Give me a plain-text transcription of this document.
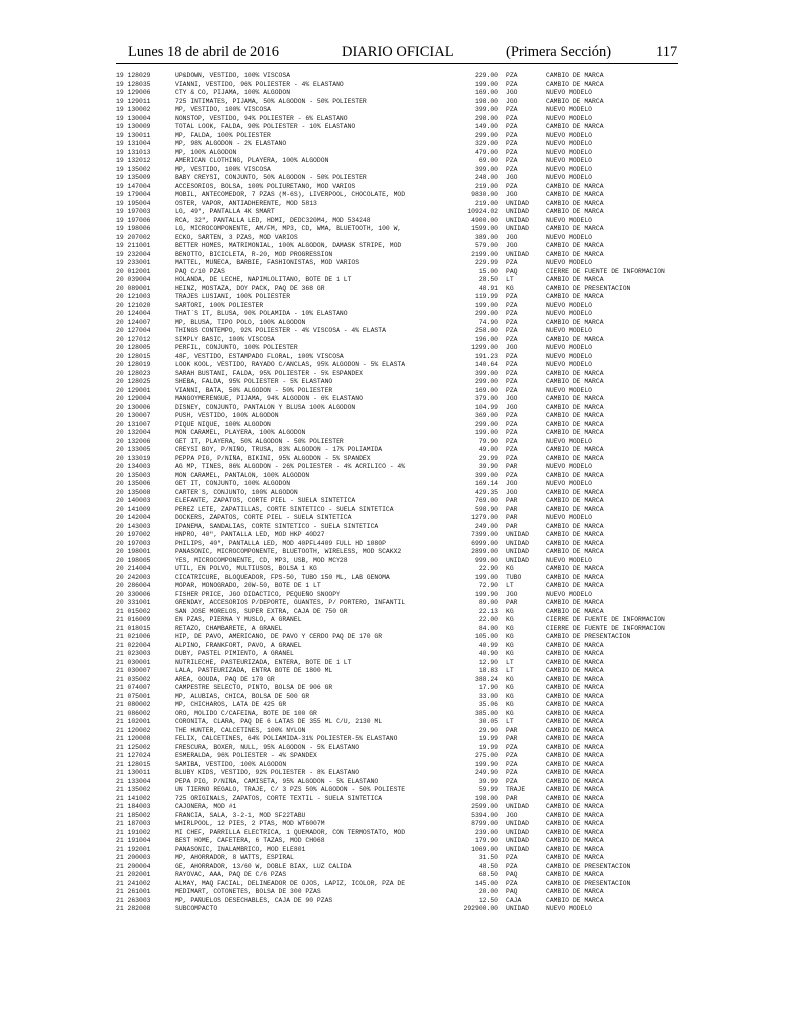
Lunes 18 de abril de 2016	DIARIO OFICIAL	(Primera Sección)	117
19 128029	UP&DOWN, VESTIDO, 100% VISCOSA	229.00 PZA	CAMBIO DE MARCA
19 128035	VIANNI, VESTIDO, 96% POLIESTER - 4% ELASTANO	199.00 PZA	CAMBIO DE MARCA
19 129006	CTY & CO, PIJAMA, 100% ALGODON	169.00 JGO	NUEVO MODELO
19 129011	725 INTIMATES, PIJAMA, 50% ALGODON - 50% POLIESTER	198.00 JGO	CAMBIO DE MARCA
19 130002	MP, VESTIDO, 100% VISCOSA	399.00 PZA	NUEVO MODELO
19 130004	NONSTOP, VESTIDO, 94% POLIESTER - 6% ELASTANO	298.00 PZA	NUEVO MODELO
19 130009	TOTAL LOOK, FALDA, 90% POLIESTER - 10% ELASTANO	149.00 PZA	CAMBIO DE MARCA
19 130011	MP, FALDA, 100% POLIESTER	299.00 PZA	NUEVO MODELO
19 131004	MP, 98% ALGODON - 2% ELASTANO	329.00 PZA	NUEVO MODELO
19 131013	MP, 100% ALGODON	479.00 PZA	NUEVO MODELO
19 132012	AMERICAN CLOTHING, PLAYERA, 100% ALGODON	69.00 PZA	NUEVO MODELO
19 135002	MP, VESTIDO, 100% VISCOSA	399.00 PZA	NUEVO MODELO
19 135009	BABY CREYSI, CONJUNTO, 50% ALGODON - 50% POLIESTER	248.00 JGO	NUEVO MODELO
19 147004	ACCESORIOS, BOLSA, 100% POLIURETANO, MOD VARIOS	219.00 PZA	CAMBIO DE MARCA
19 179004	MOBIL, ANTECOMEDOR, 7 PZAS (M-6S), LIVERPOOL, CHOCOLATE, MOD	9830.00 JGO	CAMBIO DE MARCA
19 195004	OSTER, VAPOR, ANTIADHERENTE, MOD 5813	219.00 UNIDAD	CAMBIO DE MARCA
19 197003	LG, 49", PANTALLA 4K SMART	10924.02 UNIDAD	CAMBIO DE MARCA
19 197006	RCA, 32", PANTALLA LED, HDMI, DEDC320M4, MOD 534248	4900.00 UNIDAD	NUEVO MODELO
19 198006	LG, MICROCOMPONENTE, AM/FM, MP3, CD, WMA, BLUETOOTH, 100 W,	1599.00 UNIDAD	CAMBIO DE MARCA
19 207002	ECKO, SARTEN, 3 PZAS, MOD VARIOS	389.00 JGO	NUEVO MODELO
19 211001	BETTER HOMES, MATRIMONIAL, 100% ALGODON, DAMASK STRIPE, MOD	579.00 JGO	CAMBIO DE MARCA
19 232004	BENOTTO, BICICLETA, R-20, MOD PROGRESSION	2199.00 UNIDAD	CAMBIO DE MARCA
19 233001	MATTEL, MUÑECA, BARBIE, FASHIONISTAS, MOD VARIOS	229.99 PZA	NUEVO MODELO
20 012001	PAQ C/10 PZAS	15.00 PAQ	CIERRE DE FUENTE DE INFORMACION
20 039004	HOLANDA, DE LECHE, NAPIMLOLITANO, BOTE DE 1 LT	28.50 LT	CAMBIO DE MARCA
20 089001	HEINZ, MOSTAZA, DOY PACK, PAQ DE 368 GR	48.91 KG	CAMBIO DE PRESENTACION
20 121003	TRAJES LUSIANI, 100% POLIESTER	119.99 PZA	CAMBIO DE MARCA
20 121020	SARTORI, 100% POLIESTER	199.00 PZA	NUEVO MODELO
20 124004	THAT´S IT, BLUSA, 90% POLAMIDA - 10% ELASTANO	299.00 PZA	NUEVO MODELO
20 124007	MP, BLUSA, TIPO POLO, 100% ALGODON	74.90 PZA	CAMBIO DE MARCA
20 127004	THINGS CONTEMPO, 92% POLIESTER - 4% VISCOSA - 4% ELASTA	258.00 PZA	NUEVO MODELO
20 127012	SIMPLY BASIC, 100% VISCOSA	196.00 PZA	CAMBIO DE MARCA
20 128005	PERFIL, CONJUNTO, 100% POLIESTER	1299.00 JGO	NUEVO MODELO
20 128015	48F, VESTIDO, ESTAMPADO FLORAL, 100% VISCOSA	191.23 PZA	NUEVO MODELO
20 128019	LOOK KOOL, VESTIDO, RAYADO C/ANCLAS, 95% ALGODON - 5% ELASTA	140.64 PZA	NUEVO MODELO
20 128023	SARAH BUSTANI, FALDA, 95% POLIESTER - 5% ESPANDEX	399.00 PZA	CAMBIO DE MARCA
20 128025	SHEBA, FALDA, 95% POLIESTER - 5% ELASTANO	299.00 PZA	CAMBIO DE MARCA
20 129001	VIANNI, BATA, 50% ALGODON - 50% POLIESTER	169.00 PZA	NUEVO MODELO
20 129004	MANGOYMERENGUE, PIJAMA, 94% ALGODON - 6% ELASTANO	379.00 JGO	CAMBIO DE MARCA
20 130006	DISNEY, CONJUNTO, PANTALON Y BLUSA 100% ALGODON	104.99 JGO	CAMBIO DE MARCA
20 130007	PUSH, VESTIDO, 100% ALGODON	369.00 PZA	CAMBIO DE MARCA
20 131007	PIQUE NIQUE, 100% ALGODON	299.00 PZA	CAMBIO DE MARCA
20 132004	MON CARAMEL, PLAYERA, 100% ALGODON	199.00 PZA	CAMBIO DE MARCA
20 132006	GET IT, PLAYERA, 50% ALGODON - 50% POLIESTER	79.90 PZA	NUEVO MODELO
20 133005	CREYSI BOY, P/NIÑO, TRUSA, 83% ALGODON - 17% POLIAMIDA	49.00 PZA	CAMBIO DE MARCA
20 133019	PEPPA PIG, P/NIÑA, BIKINI, 95% ALGODON - 5% SPANDEX	29.99 PZA	CAMBIO DE MARCA
20 134003	AG MP, TINES, 86% ALGODON - 26% POLIESTER - 4% ACRILICO - 4%	39.90 PAR	NUEVO MODELO
20 135003	MON CARAMEL, PANTALON, 100% ALGODON	399.00 PZA	CAMBIO DE MARCA
20 135006	GET IT, CONJUNTO, 100% ALGODON	169.14 JGO	NUEVO MODELO
20 135008	CARTER´S, CONJUNTO, 100% ALGODON	429.35 JGO	CAMBIO DE MARCA
20 140003	ELEFANTE, ZAPATOS, CORTE PIEL - SUELA SINTETICA	769.00 PAR	CAMBIO DE MARCA
20 141009	PEREZ LETE, ZAPATILLAS, CORTE SINTETICO - SUELA SINTETICA	598.90 PAR	CAMBIO DE MARCA
20 142004	DOCKERS, ZAPATOS, CORTE PIEL - SUELA SINTETICA	1279.00 PAR	NUEVO MODELO
20 143003	IPANEMA, SANDALIAS, CORTE SINTETICO - SUELA SINTETICA	249.00 PAR	CAMBIO DE MARCA
20 197002	HNPRO, 40", PANTALLA LED, MOD HKP 40D27	7399.00 UNIDAD	CAMBIO DE MARCA
20 197003	PHILIPS, 40", PANTALLA LED, MOD 40PFL4409 FULL HD 1080P	6999.00 UNIDAD	CAMBIO DE MARCA
20 198001	PANASONIC, MICROCOMPONENTE, BLUETOOTH, WIRELESS, MOD SCAKX2	2899.00 UNIDAD	CAMBIO DE MARCA
20 198005	YES, MICROCOMPONENTE, CD, MP3, USB, MOD MCY28	999.00 UNIDAD	NUEVO MODELO
20 214004	UTIL, EN POLVO, MULTIUSOS, BOLSA 1 KG	22.90 KG	CAMBIO DE MARCA
20 242003	CICATRICURE, BLOQUEADOR, FPS-50, TUBO 150 ML, LAB GENOMA	199.00 TUBO	CAMBIO DE MARCA
20 286004	MOPAR, MONOGRADO, 20W-50, BOTE DE 1 LT	72.90 LT	CAMBIO DE MARCA
20 330006	FISHER PRICE, JGO DIDACTICO, PEQUEÑO SNOOPY	199.90 JGO	NUEVO MODELO
20 331001	GRENDAY, ACCESORIOS P/DEPORTE, GUANTES, P/ PORTERO, INFANTIL	89.00 PAR	CAMBIO DE MARCA
21 015002	SAN JOSE MORELOS, SUPER EXTRA, CAJA DE 750 GR	22.13 KG	CAMBIO DE MARCA
21 016009	EN PZAS, PIERNA Y MUSLO, A GRANEL	22.00 KG	CIERRE DE FUENTE DE INFORMACION
21 018015	RETAZO, CHAMBARETE, A GRANEL	84.00 KG	CIERRE DE FUENTE DE INFORMACION
21 021006	HIP, DE PAVO, AMERICANO, DE PAVO Y CERDO PAQ DE 170 GR	105.00 KG	CAMBIO DE PRESENTACION
21 022004	ALPINO, FRANKFORT, PAVO, A GRANEL	40.99 KG	CAMBIO DE MARCA
21 023003	DUBY, PASTEL PIMIENTO, A GRANEL	40.90 KG	CAMBIO DE MARCA
21 030001	NUTRILECHE, PASTEURIZADA, ENTERA, BOTE DE 1 LT	12.90 LT	CAMBIO DE MARCA
21 030007	LALA, PASTEURIZADA, ENTRA BOTE DE 1800 ML	18.83 LT	CAMBIO DE MARCA
21 035002	AREA, GOUDA, PAQ DE 170 GR	388.24 KG	CAMBIO DE MARCA
21 074007	CAMPESTRE SELECTO, PINTO, BOLSA DE 906 GR	17.90 KG	CAMBIO DE MARCA
21 075001	MP, ALUBIAS, CHICA, BOLSA DE 500 GR	33.00 KG	CAMBIO DE MARCA
21 080002	MP, CHICHAROS, LATA DE 425 GR	35.06 KG	CAMBIO DE MARCA
21 086002	ORO, MOLIDO C/CAFEINA, BOTE DE 100 GR	385.00 KG	CAMBIO DE MARCA
21 102001	CORONITA, CLARA, PAQ DE 6 LATAS DE 355 ML C/U, 2130 ML	30.05 LT	CAMBIO DE MARCA
21 120002	THE HUNTER, CALCETINES, 100% NYLON	29.90 PAR	CAMBIO DE MARCA
21 120008	FELIX, CALCETINES, 64% POLIAMIDA-31% POLIESTER-5% ELASTANO	19.99 PAR	CAMBIO DE MARCA
21 125002	FRESCURA, BOXER, NULL, 95% ALGODON - 5% ELASTANO	19.99 PZA	CAMBIO DE MARCA
21 127024	ESMERALDA, 96% POLIESTER - 4% SPANDEX	275.00 PZA	CAMBIO DE MARCA
21 128015	SAMIBA, VESTIDO, 100% ALGODON	199.90 PZA	CAMBIO DE MARCA
21 130011	BLUBY KIDS, VESTIDO, 92% POLIESTER - 8% ELASTANO	249.90 PZA	CAMBIO DE MARCA
21 133004	PEPA PIG, P/NIÑA, CAMISETA, 95% ALGODON - 5% ELASTANO	39.99 PZA	CAMBIO DE MARCA
21 135002	UN TIERNO REGALO, TRAJE, C/ 3 PZS 50% ALGODON - 50% POLIESTE	59.99 TRAJE	CAMBIO DE MARCA
21 141002	725 ORIGINALS, ZAPATOS, CORTE TEXTIL - SUELA SINTETICA	198.00 PAR	CAMBIO DE MARCA
21 184003	CAJONERA, MOD #1	2599.00 UNIDAD	CAMBIO DE MARCA
21 185002	FRANCIA, SALA, 3-2-1, MOD SF22TABU	5394.00 JGO	CAMBIO DE MARCA
21 187003	WHIRLPOOL, 12 PIES, 2 PTAS, MOD WT6007M	8799.00 UNIDAD	CAMBIO DE MARCA
21 191002	MI CHEF, PARRILLA ELECTRICA, 1 QUEMADOR, CON TERMOSTATO, MOD	239.00 UNIDAD	CAMBIO DE MARCA
21 191004	BEST HOME, CAFETERA, 6 TAZAS, MOD CH068	179.90 UNIDAD	CAMBIO DE MARCA
21 192001	PANASONIC, INALAMBRICO, MOD ELE801	1069.00 UNIDAD	CAMBIO DE MARCA
21 200003	MP, AHORRADOR, 8 WATTS, ESPIRAL	31.50 PZA	CAMBIO DE MARCA
21 200004	GE, AHORRADOR, 13/60 W, DOBLE BIAX, LUZ CALIDA	48.50 PZA	CAMBIO DE PRESENTACION
21 202001	RAYOVAC, AAA, PAQ DE C/6 PZAS	68.50 PAQ	CAMBIO DE MARCA
21 241002	ALMAY, MAQ FACIAL, DELINEADOR DE OJOS, LAPIZ, ICOLOR, PZA DE	145.00 PZA	CAMBIO DE PRESENTACION
21 261001	MEDIMART, COTONETES, BOLSA DE 300 PZAS	20.00 PAQ	CAMBIO DE MARCA
21 263003	MP, PAÑUELOS DESECHABLES, CAJA DE 90 PZAS	12.50 CAJA	CAMBIO DE MARCA
21 282008	SUBCOMPACTO	292900.00 UNIDAD	NUEVO MODELO
